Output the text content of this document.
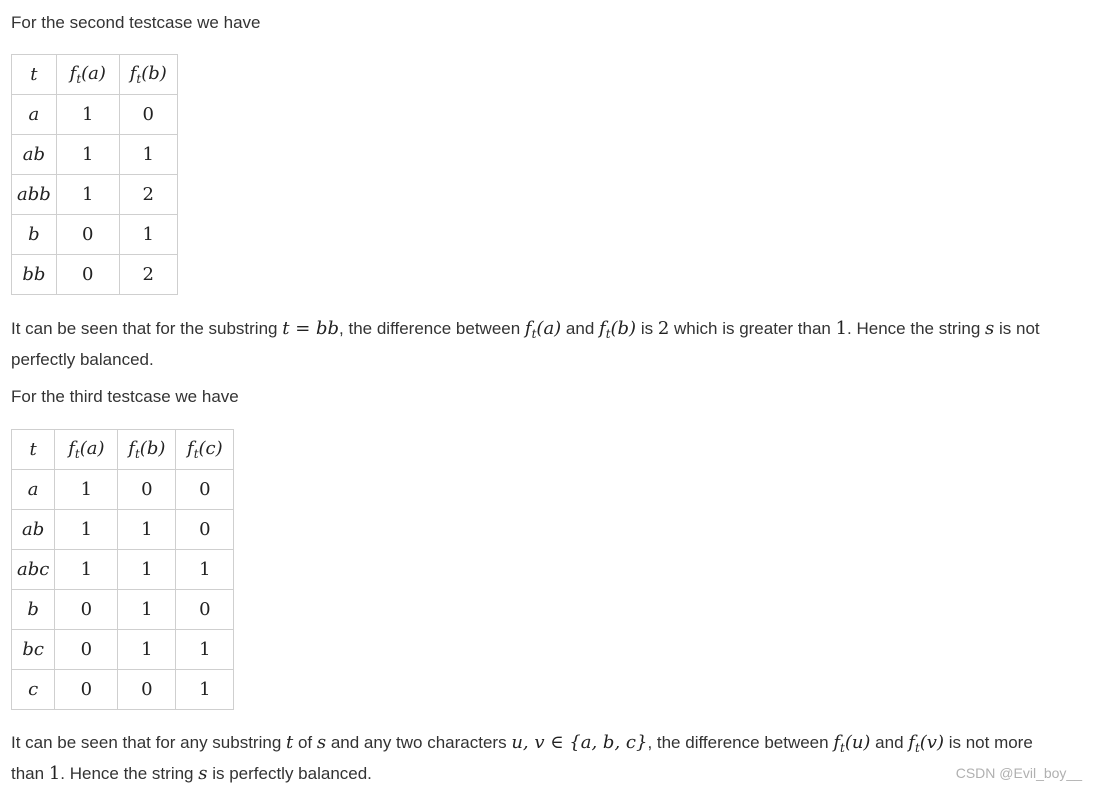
For the second testcase we have

t	$f_t(a)$	$f_t(b)$
a	1	0
ab	1	1
abb	1	2
b	0	1
bb	0	2

It can be seen that for the substring t = bb, the difference between $f_t(a)$ and $f_t(b)$ is 2 which is greater than 1. Hence the string s is not
perfectly balanced.

For the third testcase we have

t	$f_t(a)$	$f_t(b)$	$f_t(c)$
a	1	0	0
ab	1	1	0
abc	1	1	1
b	0	1	0
bc	0	1	1
c	0	0	1

It can be seen that for any substring t of s and any two characters u, v ∈ {a, b, c}, the difference between $f_t(u)$ and $f_t(v)$ is not more
than 1. Hence the string s is perfectly balanced.	CSDN @Evil_boy__
